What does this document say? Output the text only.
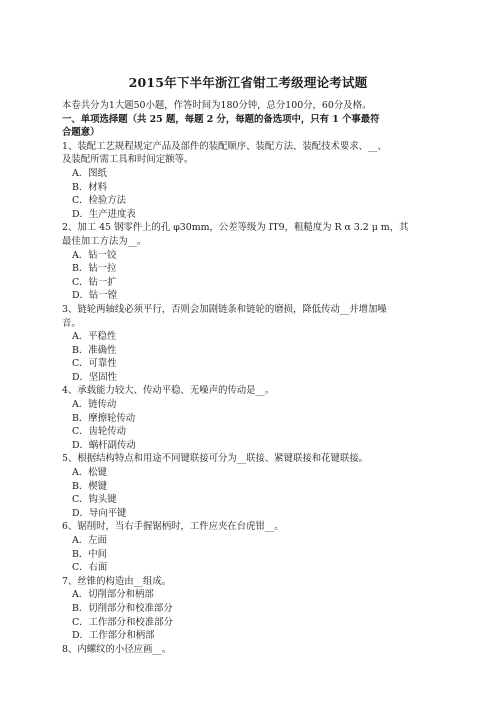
2015年下半年浙江省钳工考级理论考试题
本卷共分为1大题50小题，作答时间为180分钟，总分100分，60分及格。
一、单项选择题（共 25 题，每题 2 分，每题的备选项中，只有 1 个事最符
合题意）
1、装配工艺规程规定产品及部件的装配顺序、装配方法、装配技术要求、__、
及装配所需工具和时间定额等。
A．图纸
B．材料
C．检验方法
D．生产进度表
2、加工 45 钢零件上的孔 φ30mm，公差等级为 IT9，粗糙度为 R α 3.2 μ m，其
最佳加工方法为__。
A．钻一铰
B．钻一拉
C．钻一扩
D．钻一镗
3、链轮两轴线必须平行，否则会加剧链条和链轮的磨损，降低传动__并增加噪
音。
A．平稳性
B．准确性
C．可靠性
D．坚固性
4、承载能力较大、传动平稳、无噪声的传动是__。
A．链传动
B．摩擦轮传动
C．齿轮传动
D．蜗杆副传动
5、根据结构特点和用途不同键联接可分为__联接、紧键联接和花键联接。
A．松键
B．楔键
C．钩头键
D．导向平键
6、锯削时，当右手握锯柄时，工件应夹在台虎钳__。
A．左面
B．中间
C．右面
7、丝锥的构造由__组成。
A．切削部分和柄部
B．切削部分和校准部分
C．工作部分和校准部分
D．工作部分和柄部
8、内螺纹的小径应画__。
